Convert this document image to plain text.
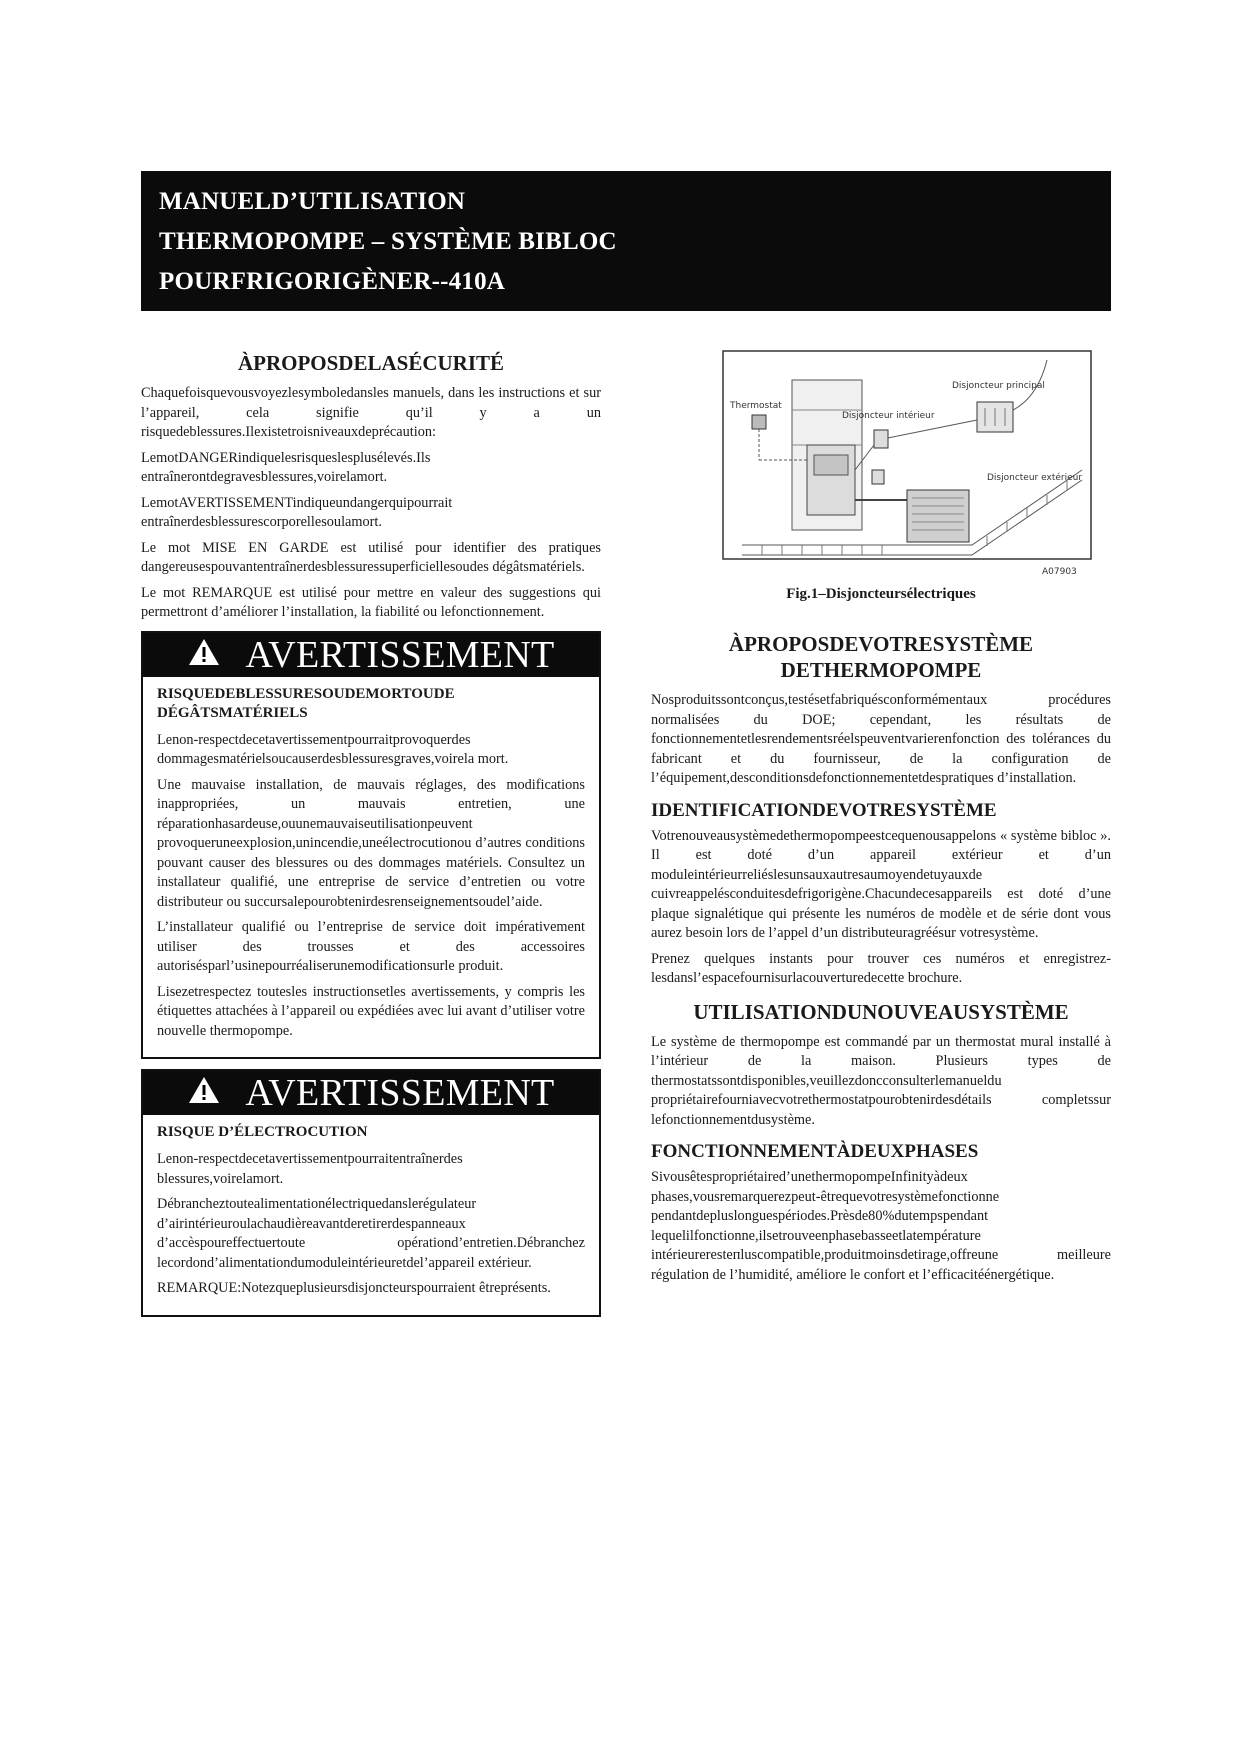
MANUELD’UTILISATION
THERMOPOMPE – SYSTÈME BIBLOC
POURFRIGORIGÈNER--410A
ÀPROPOSDELASÉCURITÉ

Chaquefoisquevousvoyezlesymboledansles manuels, dans les instructions et sur l’appareil, cela signifie qu’il y a un risquedeblessures.Ilexistetroisniveauxdeprécaution:

LemotDANGERindiquelesrisqueslesplusélevés.Ils entraînerontdegravesblessures,voirelamort.

LemotAVERTISSEMENTindiqueundangerquipourrait entraînerdesblessurescorporellesoulamort.

Le mot MISE EN GARDE est utilisé pour identifier des pratiques dangereusespouvantentraînerdesblessuressuperficiellesoudes dégâtsmatériels.

Le mot REMARQUE est utilisé pour mettre en valeur des suggestions qui permettront d’améliorer l’installation, la fiabilité ou lefonctionnement.

AVERTISSEMENT
RISQUEDEBLESSURESOUDEMORTOUDE DÉGÂTSMATÉRIELS

Lenon-respectdecetavertissementpourraitprovoquerdes dommagesmatérielsoucauserdesblessuresgraves,voirela mort.

Une mauvaise installation, de mauvais réglages, des modifications inappropriées, un mauvais entretien, une réparationhasardeuse,ouunemauvaiseutilisationpeuvent provoquerunеexplosion,unincendie,uneélectrocutionou d’autres conditions pouvant causer des blessures ou des dommages matériels. Consultez un installateur qualifié, une entreprise de service d’entretien ou votre distributeur ou succursalepourobtenirdesrenseignementsoudel’aide.

L’installateur qualifié ou l’entreprise de service doit impérativement utiliser des trousses et des accessoires autorisésparl’usinepourréaliserunemodificationsurle produit.

Lisezetrespectez toutesles instructionsetles avertissements, y compris les étiquettes attachées à l’appareil ou expédiées avec lui avant d’utiliser votre nouvelle thermopompe.

AVERTISSEMENT
RISQUE D’ÉLECTROCUTION

Lenon-respectdecetavertissementpourraitentraînerdes blessures,voirelamort.

Débrancheztoutealimentationélectriquedanslerégulateur d’airintérieuroulachaudièreavantderetirerdespanneaux d’accèspoureffectuertoute opérationd’entretien.Débranchez lecordond’alimentationdumoduleintérieuretdel’appareil extérieur.

REMARQUE:Notezqueplusieursdisjoncteurspourraient êtreprésents.

Thermostat
Disjoncteur intérieur
Disjoncteur principal
Disjoncteur extérieur
A07903
Fig.1–Disjoncteursélectriques
ÀPROPOSDEVOTRESYSTÈME
DETHERMOPOMPE

Nosproduitssontconçus,testésetfabriquésconformémentaux procédures normalisées du DOE; cependant, les résultats de fonctionnementetlesrendementsréelspeuventvarierenfonction des tolérances du fabricant et du fournisseur, de la configuration de l’équipement,desconditionsdefonctionnementetdespratiques d’installation.

IDENTIFICATIONDEVOTRESYSTÈME

Votrenouveausystèmedethermopompeestcequenousappelons « système bibloc ». Il est doté d’un appareil extérieur et d’un moduleintérieurreliéslesunsauxautresaumoyendetuyauxde cuivreappelésconduitesdefrigorigène.Chacundecesappareils est doté d’une plaque signalétique qui présente les numéros de modèle et de série dont vous aurez besoin lors de l’appel d’un distributeuragréésur votresystème.

Prenez quelques instants pour trouver ces numéros et enregistrez-lesdansl’espacefournisurlacouverturedecette brochure.

UTILISATIONDUNOUVEAUSYSTÈME

Le système de thermopompe est commandé par un thermostat mural installé à l’intérieur de la maison. Plusieurs types de thermostatssontdisponibles,veuillezdoncconsulterlemanueldu propriétairefourniavecvotrethermostatpourobtenirdesdétails completssur lefonctionnementdusystème.

FONCTIONNEMENTÀDEUXPHASES

Sivousêtespropriétaired’unethermopompeInfinityàdeux phases,vousremarquerezpeut-êtrequevotresystèmefonctionne pendantdepluslonguespériodes.Prèsde80%dutempspendant lequelilfonctionne,ilsetrouveenphasebasseetlatempérature intérieureresteпluscompatible,produitmoinsdetirage,offreune meilleure régulation de l’humidité, améliore le confort et l’efficacitéénergétique.
